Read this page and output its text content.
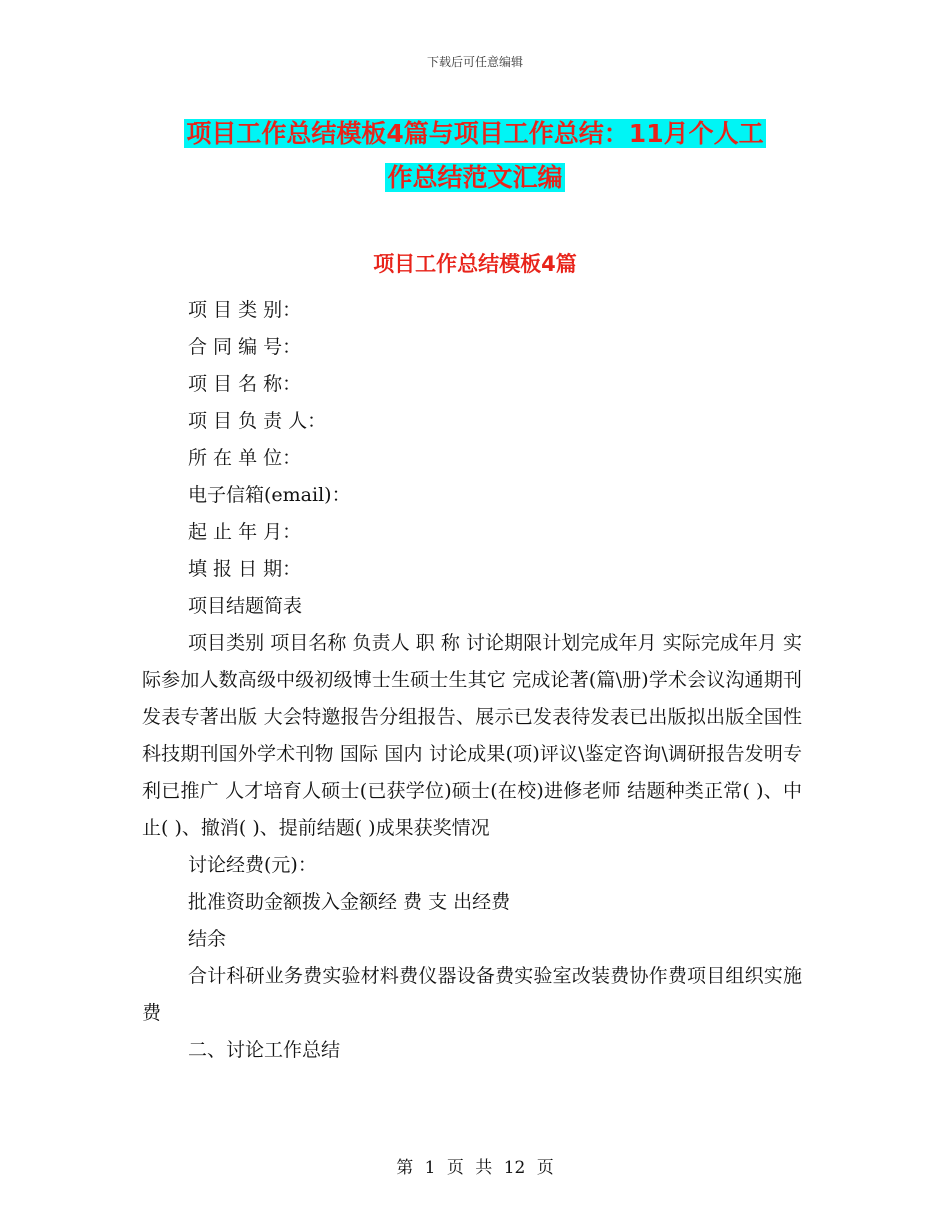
下载后可任意编辑
项目工作总结模板4篇与项目工作总结：11月个人工
作总结范文汇编
项目工作总结模板4篇
项 目 类 别：
合 同 编 号：
项 目 名 称：
项 目 负 责 人：
所 在 单 位：
电子信箱(email)：
起 止 年 月：
填 报 日 期：
项目结题简表
项目类别 项目名称 负责人 职 称 讨论期限计划完成年月 实际完成年月 实际参加人数高级中级初级博士生硕士生其它 完成论著(篇\册)学术会议沟通期刊发表专著出版 大会特邀报告分组报告、展示已发表待发表已出版拟出版全国性科技期刊国外学术刊物 国际 国内 讨论成果(项)评议\鉴定咨询\调研报告发明专利已推广 人才培育人硕士(已获学位)硕士(在校)进修老师 结题种类正常( )、中止( )、撤消( )、提前结题( )成果获奖情况
讨论经费(元)：
批准资助金额拨入金额经 费 支 出经费
结余
合计科研业务费实验材料费仪器设备费实验室改装费协作费项目组织实施费
二、讨论工作总结
第 1 页 共 12 页
